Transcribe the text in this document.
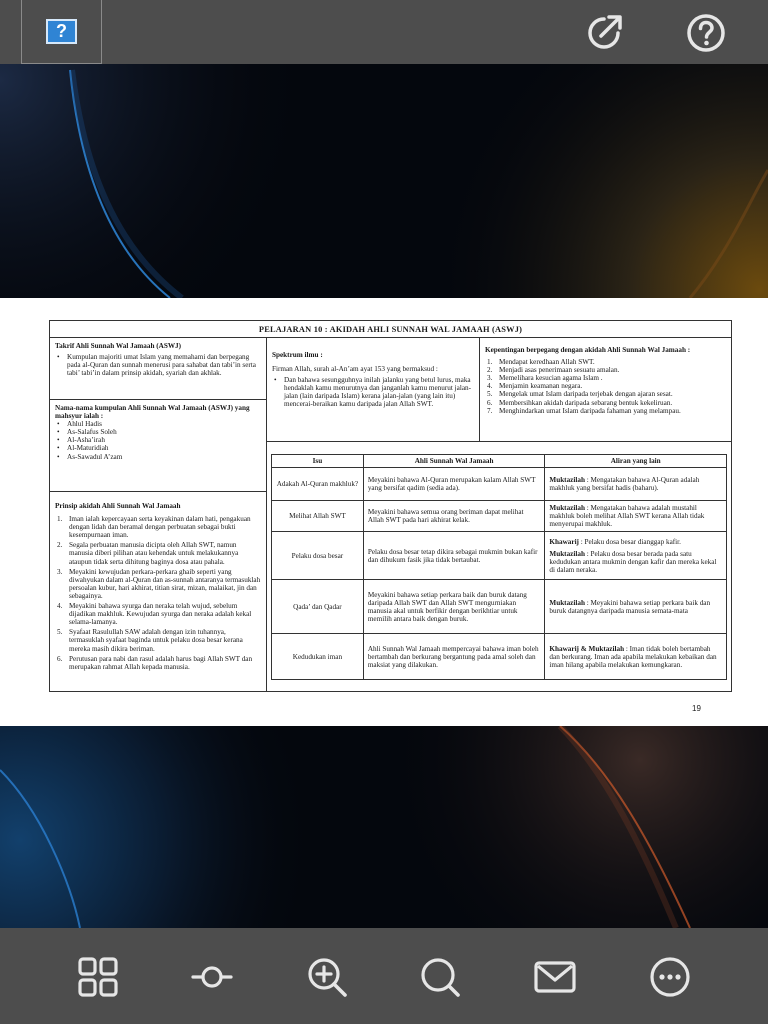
?
PELAJARAN 10 : AKIDAH AHLI SUNNAH WAL JAMAAH (ASWJ)
Takrif Ahli Sunnah Wal Jamaah (ASWJ)
• Kumpulan majoriti umat Islam yang memahami dan berpegang pada al-Quran dan sunnah menerusi para sahabat dan tabi’in serta tabi’ tabi’in dalam prinsip akidah, syariah dan akhlak.
Nama-nama kumpulan Ahli Sunnah Wal Jamaah (ASWJ) yang mahsyur ialah :
• Ahlul Hadis
• As-Salafus Soleh
• Al-Asha’irah
• Al-Maturidiah
• As-Sawadul A’zam
Prinsip akidah Ahli Sunnah Wal Jamaah
1. Iman ialah kepercayaan serta keyakinan dalam hati, pengakuan dengan lidah dan beramal dengan perbuatan sebagai bukti kesempurnaan iman.
2. Segala perbuatan manusia dicipta oleh Allah SWT, namun manusia diberi pilihan atau kehendak untuk melakukannya ataupun tidak serta dihitung baginya dosa atau pahala.
3. Meyakini kewujudan perkara-perkara ghaib seperti yang diwahyukan dalam al-Quran dan as-sunnah antaranya termasuklah persoalan kubur, hari akhirat, titian sirat, mizan, malaikat, jin dan sebagainya.
4. Meyakini bahawa syurga dan neraka telah wujud, sebelum dijadikan makhluk. Kewujudan syurga dan neraka adalah kekal selama-lamanya.
5. Syafaat Rasulullah SAW adalah dengan izin tuhannya, termasuklah syafaat baginda untuk pelaku dosa besar kerana mereka masih dikira beriman.
6. Perutusan para nabi dan rasul adalah harus bagi Allah SWT dan merupakan rahmat Allah kepada manusia.

Spektrum ilmu :

Firman Allah, surah al-An’am ayat 153 yang bermaksud :

• Dan bahawa sesungguhnya inilah jalanku yang betul lurus, maka hendaklah kamu menurutnya dan janganlah kamu menurut jalan-jalan (lain daripada Islam) kerana jalan-jalan (yang lain itu) mencerai-beraikan kamu daripada jalan Allah SWT.
Kepentingan berpegang dengan akidah Ahli Sunnah Wal Jamaah :
1. Mendapat keredhaan Allah SWT.
2. Menjadi asas penerimaan sesuatu amalan.
3. Memelihara kesucian agama Islam .
4. Menjamin keamanan negara.
5. Mengelak umat Islam daripada terjebak dengan ajaran sesat.
6. Membersihkan akidah daripada sebarang bentuk kekeliruan.
7. Menghindarkan umat Islam daripada fahaman yang melampau.
Isu	Ahli Sunnah Wal Jamaah	Aliran yang lain
Adakah Al-Quran makhluk?	Meyakini bahawa Al-Quran merupakan kalam Allah SWT yang bersifat qadim (sedia ada).	Muktazilah : Mengatakan bahawa Al-Quran adalah makhluk yang bersifat hadis (baharu).
Melihat Allah SWT	Meyakini bahawa semua orang beriman dapat melihat Allah SWT pada hari akhirat kelak.	Muktazilah : Mengatakan bahawa adalah mustahil makhluk boleh melihat Allah SWT kerana Allah tidak menyerupai makhluk.
Pelaku dosa besar	Pelaku dosa besar tetap dikira sebagai mukmin bukan kafir dan dihukum fasik jika tidak bertaubat.	Khawarij : Pelaku dosa besar dianggap kafir.
Muktazilah : Pelaku dosa besar berada pada satu kedudukan antara mukmin dengan kafir dan mereka kekal di dalam neraka.

Qada’ dan Qadar	Meyakini bahawa setiap perkara baik dan buruk datang daripada Allah SWT dan Allah SWT mengurniakan manusia akal untuk berfikir dengan berikhtiar untuk memilih antara baik dengan buruk.	Muktazilah : Meyakini bahawa setiap perkara baik dan buruk datangnya daripada manusia semata-mata
Kedudukan iman	Ahli Sunnah Wal Jamaah mempercayai bahawa iman boleh bertambah dan berkurang bergantung pada amal soleh dan maksiat yang dilakukan.	Khawarij & Muktazilah : Iman tidak boleh bertambah dan berkurang. Iman ada apabila melakukan kebaikan dan iman hilang apabila melakukan kemungkaran.
19
